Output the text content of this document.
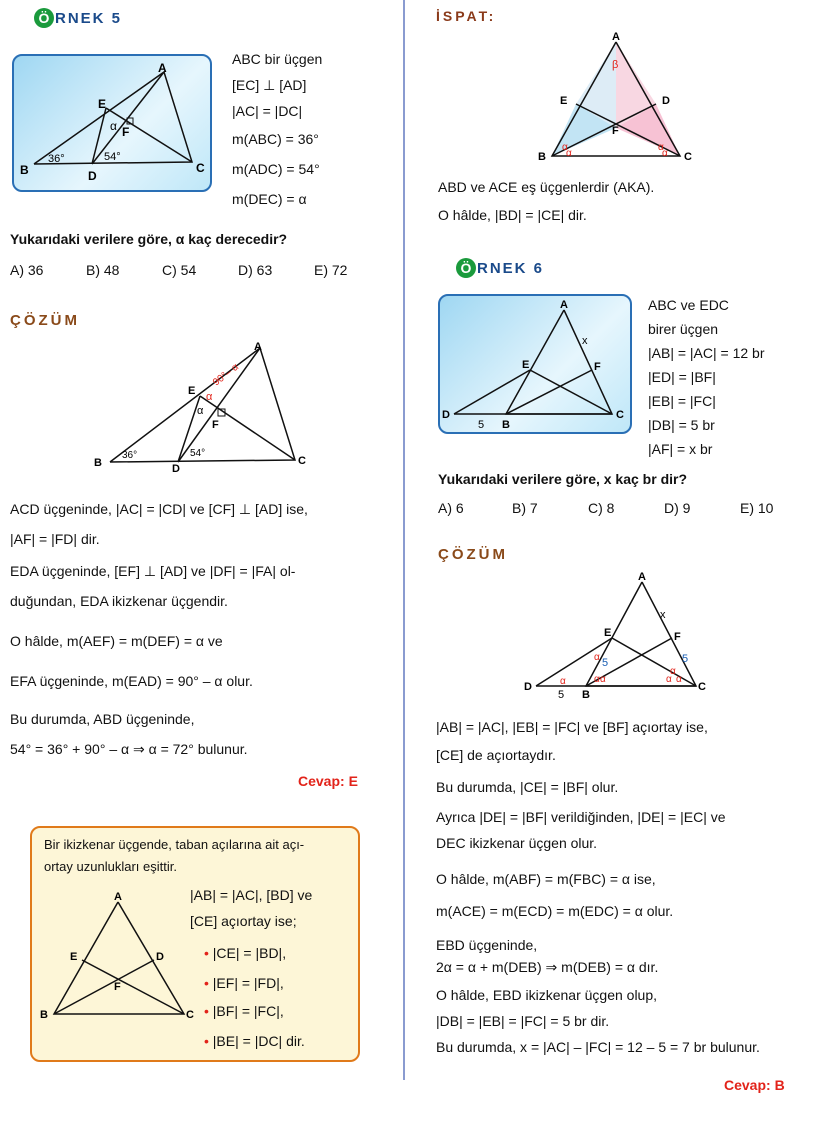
Ö RNEK 5
A
B	C
D
E
F
α
36°	54°
ABC bir üçgen
[EC] ⊥ [AD]
|AC| = |DC|
m(ABC) = 36°
m(ADC) = 54°
m(DEC) = α
Yukarıdaki verilere göre, α kaç derecedir?
A) 36	B) 48	C) 54	D) 63	E) 72
ÇÖZÜM
A
B	C
D
E
F
α
α
36°	54°
90°– α
ACD üçgeninde, |AC| = |CD| ve [CF] ⊥ [AD] ise,
|AF| = |FD| dir.
EDA üçgeninde, [EF] ⊥ [AD] ve |DF| = |FA| ol-
duğundan, EDA ikizkenar üçgendir.
O hâlde, m(AEF) = m(DEF) = α ve
EFA üçgeninde, m(EAD) = 90° – α olur.
Bu durumda, ABD üçgeninde,
54° = 36° + 90° – α ⇒ α = 72° bulunur.
Cevap: E
Bir ikizkenar üçgende, taban açılarına ait açı-
ortay uzunlukları eşittir.
A
B	C
D
E
F
|AB| = |AC|, [BD] ve
[CE] açıortay ise;
• |CE| = |BD|,
• |EF| = |FD|,
• |BF| = |FC|,
• |BE| = |DC| dir.
İSPAT:
A
B	C
D
E
F
β
α
α
α
α
ABD ve ACE eş üçgenlerdir (AKA).
O hâlde, |BD| = |CE| dir.
Ö RNEK 6
A
D	C
B
E	F
x
5
ABC ve EDC
birer üçgen
|AB| = |AC| = 12 br
|ED| = |BF|
|EB| = |FC|
|DB| = 5 br
|AF| = x br
Yukarıdaki verilere göre, x kaç br dir?
A) 6	B) 7	C) 8	D) 9	E) 10
ÇÖZÜM
A
D	C
B
E	F
x
5
5	5
α
α	α α
α
α α
|AB| = |AC|, |EB| = |FC| ve [BF] açıortay ise,
[CE] de açıortaydır.
Bu durumda, |CE| = |BF| olur.
Ayrıca |DE| = |BF| verildiğinden, |DE| = |EC| ve
DEC ikizkenar üçgen olur.
O hâlde, m(ABF) = m(FBC) = α ise,
m(ACE) = m(ECD) = m(EDC) = α olur.
EBD üçgeninde,
2α = α + m(DEB) ⇒ m(DEB) = α dır.
O hâlde, EBD ikizkenar üçgen olup,
|DB| = |EB| = |FC| = 5 br dir.
Bu durumda, x = |AC| – |FC| = 12 – 5 = 7 br bulunur.
Cevap: B
